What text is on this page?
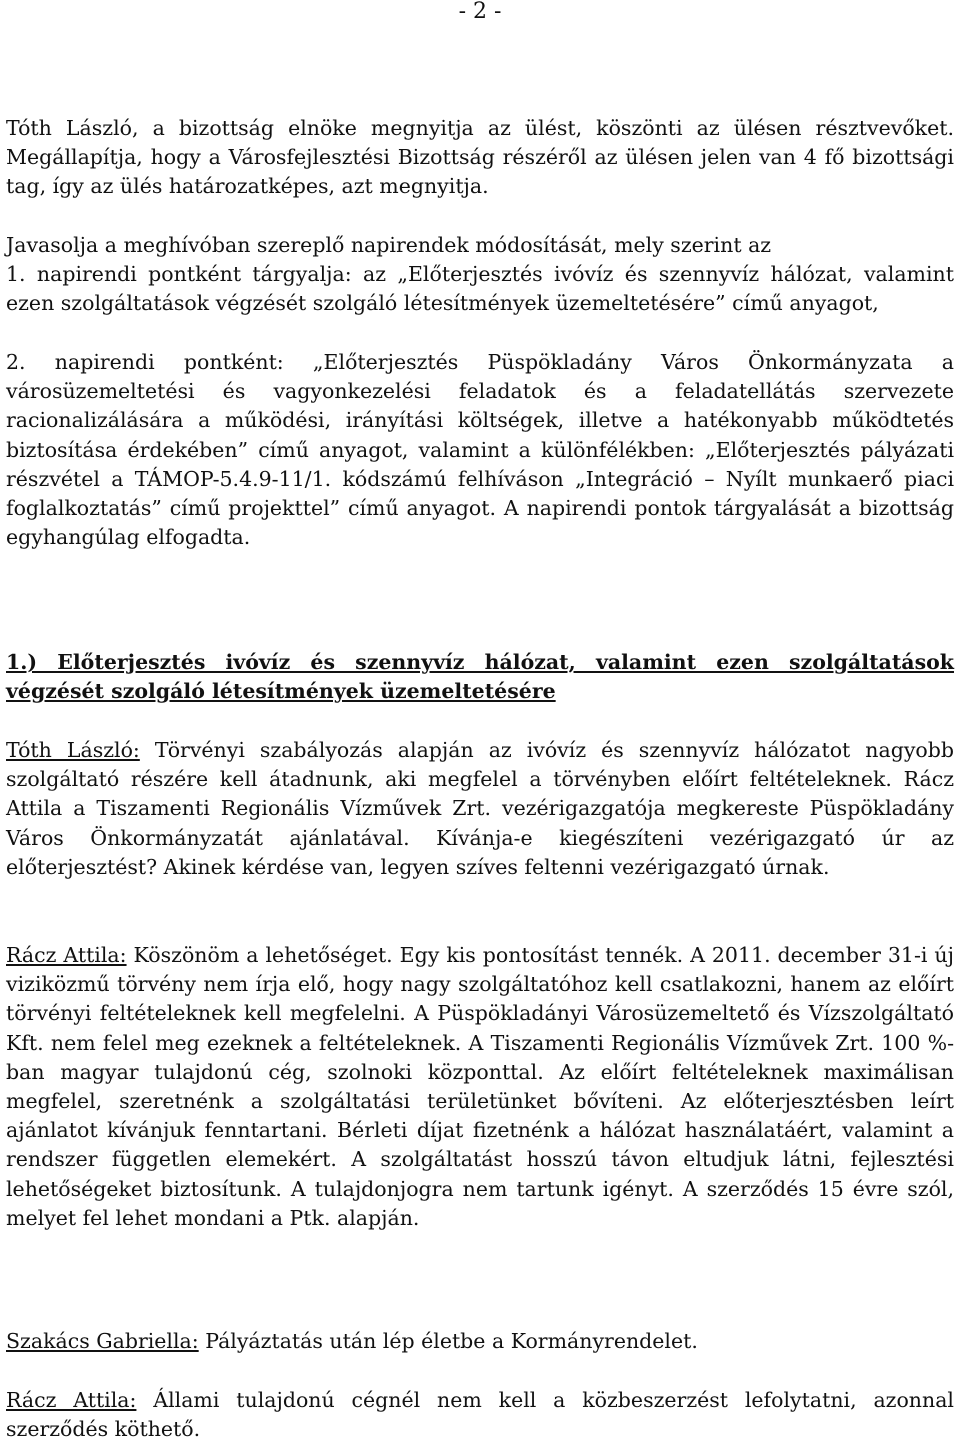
- 2 -

Tóth László, a bizottság elnöke megnyitja az ülést, köszönti az ülésen résztvevőket. Megállapítja, hogy a Városfejlesztési Bizottság részéről az ülésen jelen van 4 fő bizottsági tag, így az ülés határozatképes, azt megnyitja.

Javasolja a meghívóban szereplő napirendek módosítását, mely szerint az

1. napirendi pontként tárgyalja: az „Előterjesztés ivóvíz és szennyvíz hálózat, valamint ezen szolgáltatások végzését szolgáló létesítmények üzemeltetésére” című anyagot,

2. napirendi pontként: „Előterjesztés Püspökladány Város Önkormányzata a városüzemeltetési és vagyonkezelési feladatok és a feladatellátás szervezete racionalizálására a működési, irányítási költségek, illetve a hatékonyabb működtetés biztosítása érdekében” című anyagot, valamint a különfélékben: „Előterjesztés pályázati részvétel a TÁMOP-5.4.9-11/1. kódszámú felhíváson „Integráció – Nyílt munkaerő piaci foglalkoztatás” című projekttel” című anyagot. A napirendi pontok tárgyalását a bizottság egyhangúlag elfogadta.

1.) Előterjesztés ivóvíz és szennyvíz hálózat, valamint ezen szolgáltatások végzését szolgáló létesítmények üzemeltetésére

Tóth László: Törvényi szabályozás alapján az ivóvíz és szennyvíz hálózatot nagyobb szolgáltató részére kell átadnunk, aki megfelel a törvényben előírt feltételeknek. Rácz Attila a Tiszamenti Regionális Vízművek Zrt. vezérigazgatója megkereste Püspökladány Város Önkormányzatát ajánlatával. Kívánja-e kiegészíteni vezérigazgató úr az előterjesztést? Akinek kérdése van, legyen szíves feltenni vezérigazgató úrnak.

Rácz Attila: Köszönöm a lehetőséget. Egy kis pontosítást tennék. A 2011. december 31-i új viziközmű törvény nem írja elő, hogy nagy szolgáltatóhoz kell csatlakozni, hanem az előírt törvényi feltételeknek kell megfelelni. A Püspökladányi Városüzemeltető és Vízszolgáltató Kft. nem felel meg ezeknek a feltételeknek. A Tiszamenti Regionális Vízművek Zrt. 100 %-ban magyar tulajdonú cég, szolnoki központtal. Az előírt feltételeknek maximálisan megfelel, szeretnénk a szolgáltatási területünket bővíteni. Az előterjesztésben leírt ajánlatot kívánjuk fenntartani. Bérleti díjat fizetnénk a hálózat használatáért, valamint a rendszer független elemekért. A szolgáltatást hosszú távon eltudjuk látni, fejlesztési lehetőségeket biztosítunk. A tulajdonjogra nem tartunk igényt. A szerződés 15 évre szól, melyet fel lehet mondani a Ptk. alapján.

Szakács Gabriella: Pályáztatás után lép életbe a Kormányrendelet.

Rácz Attila: Állami tulajdonú cégnél nem kell a közbeszerzést lefolytatni, azonnal szerződés köthető.
